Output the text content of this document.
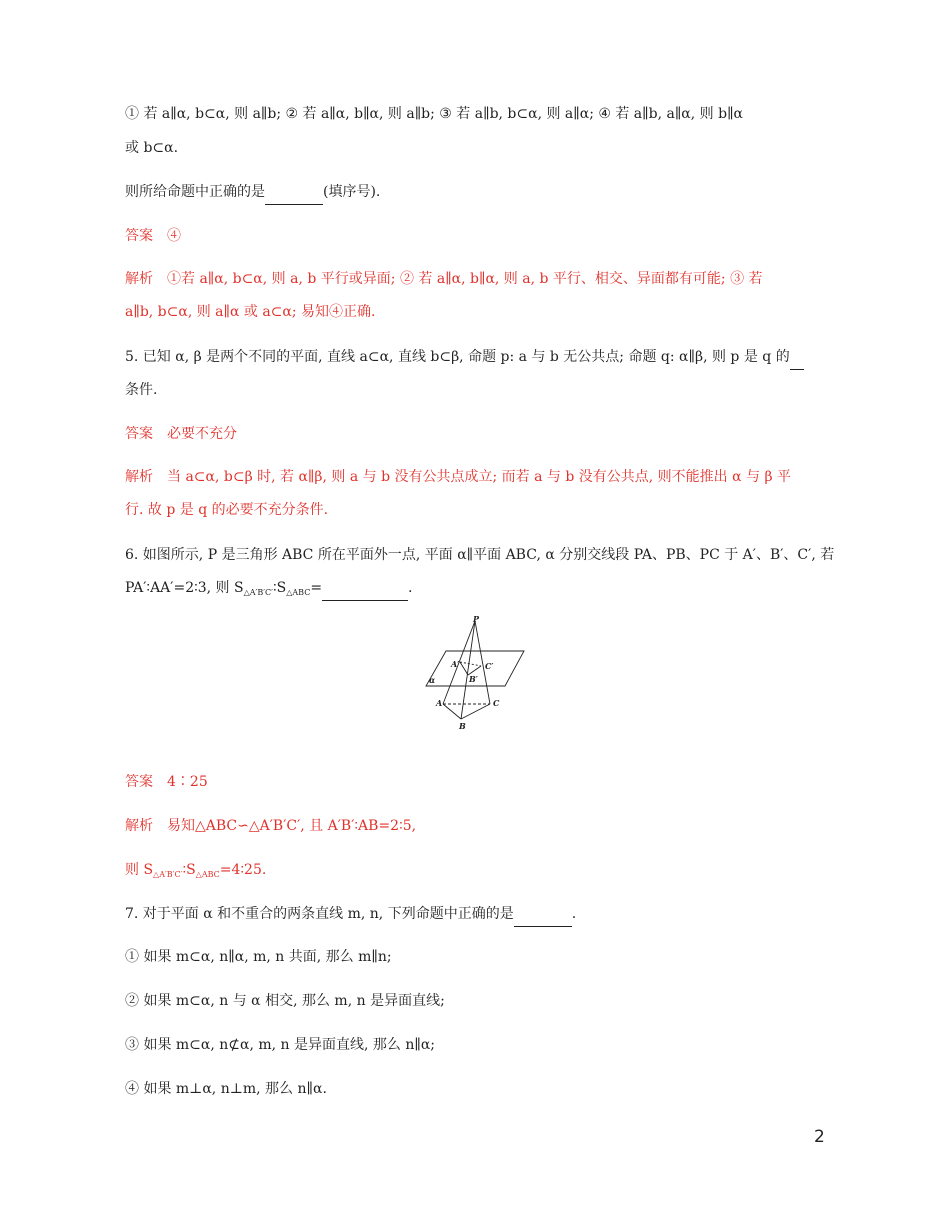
① 若 a∥α, b⊂α, 则 a∥b; ② 若 a∥α, b∥α, 则 a∥b; ③ 若 a∥b, b⊂α, 则 a∥α; ④ 若 a∥b, a∥α, 则 b∥α
或 b⊂α.
则所给命题中正确的是	(填序号).
答案　④
解析　①若 a∥α, b⊂α, 则 a, b 平行或异面; ② 若 a∥α, b∥α, 则 a, b 平行、相交、异面都有可能; ③ 若
a∥b, b⊂α, 则 a∥α 或 a⊂α; 易知④正确.
5. 已知 α, β 是两个不同的平面, 直线 a⊂α, 直线 b⊂β, 命题 p: a 与 b 无公共点; 命题 q: α∥β, 则 p 是 q 的
条件.
答案　必要不充分
解析　当 a⊂α, b⊂β 时, 若 α∥β, 则 a 与 b 没有公共点成立; 而若 a 与 b 没有公共点, 则不能推出 α 与 β 平
行. 故 p 是 q 的必要不充分条件.
6. 如图所示, P 是三角形 ABC 所在平面外一点, 平面 α∥平面 ABC, α 分别交线段 PA、PB、PC 于 A′、B′、C′, 若
PA′∶AA′=2∶3, 则 $S_{\triangle A'B'C'}∶S_{\triangle ABC}=$	.
P
A′	C′
B′
α
A	C
B
答案　4∶25
解析　易知△ABC∽△A′B′C′, 且 A′B′∶AB=2∶5,
则 $S_{\triangle A'B'C'}∶S_{\triangle ABC}=4∶25$.
7. 对于平面 α 和不重合的两条直线 m, n, 下列命题中正确的是	.
① 如果 m⊂α, n∥α, m, n 共面, 那么 m∥n;
② 如果 m⊂α, n 与 α 相交, 那么 m, n 是异面直线;
③ 如果 m⊂α, n⊄α, m, n 是异面直线, 那么 n∥α;
④ 如果 m⊥α, n⊥m, 那么 n∥α.
2
